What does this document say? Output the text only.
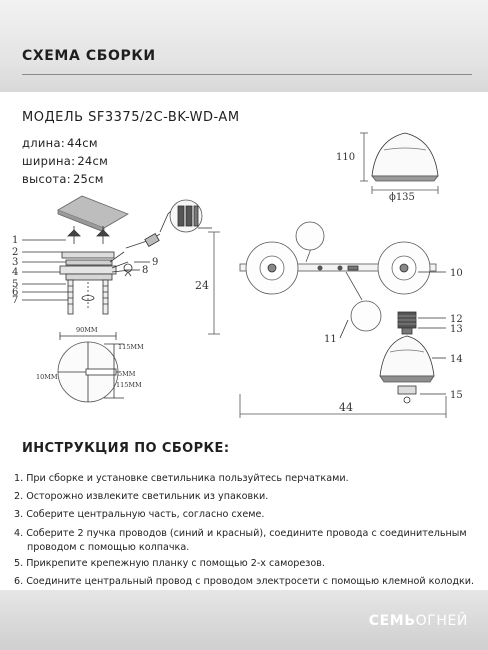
СХЕМА СБОРКИ
МОДЕЛЬ SF3375/2C-BK-WD-AM
длина: 44см
ширина: 24см
высота: 25см
110
ϕ135
1
2
3
4
5
6
7
8
9
90MM
115MM
10MM	5MM
115MM
24
10
11
12
13
14
15
44
ИНСТРУКЦИЯ ПО СБОРКЕ:
1. При сборке и установке светильника пользуйтесь перчатками.
2. Осторожно извлеките светильник из упаковки.
3. Соберите центральную часть, согласно схеме.
4. Соберите 2 пучка проводов (синий и красный), соедините провода с соединительным
проводом с помощью колпачка.
5. Прикрепите крепежную планку с помощью 2-х саморезов.
6. Соедините центральный провод с проводом электросети с помощью клемной колодки.
СЕМЬОГНЕЙ
